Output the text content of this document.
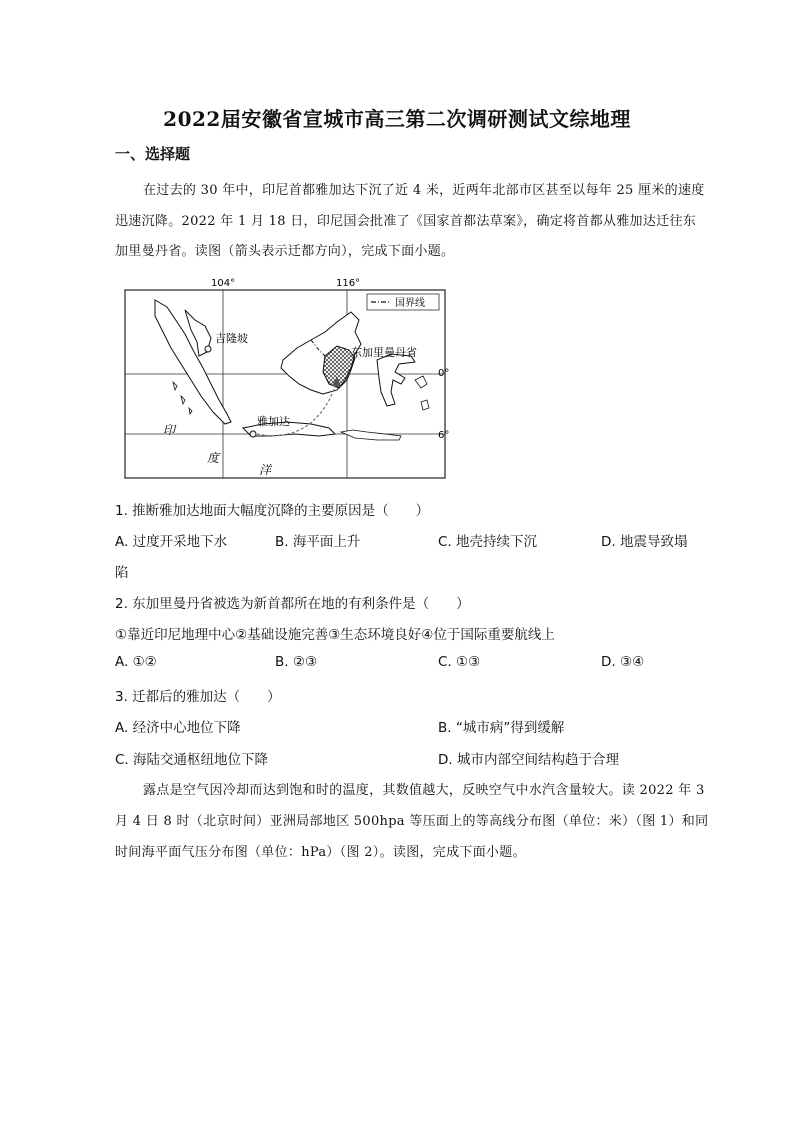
2022届安徽省宣城市高三第二次调研测试文综地理
一、选择题
在过去的 30 年中，印尼首都雅加达下沉了近 4 米，近两年北部市区甚至以每年 25 厘米的速度
迅速沉降。2022 年 1 月 18 日，印尼国会批准了《国家首都法草案》，确定将首都从雅加达迁往东
加里曼丹省。读图（箭头表示迁都方向），完成下面小题。
104°	116°
0°
6°
国界线
吉隆坡
雅加达
东加里曼丹省
印
度
洋
1. 推断雅加达地面大幅度沉降的主要原因是（　　）
A. 过度开采地下水	B. 海平面上升	C. 地壳持续下沉	D. 地震导致塌
陷
2. 东加里曼丹省被选为新首都所在地的有利条件是（　　）
①靠近印尼地理中心②基础设施完善③生态环境良好④位于国际重要航线上
A. ①②	B. ②③	C. ①③	D. ③④
3. 迁都后的雅加达（　　）
A. 经济中心地位下降	B. “城市病”得到缓解
C. 海陆交通枢纽地位下降	D. 城市内部空间结构趋于合理
露点是空气因冷却而达到饱和时的温度，其数值越大，反映空气中水汽含量较大。读 2022 年 3
月 4 日 8 时（北京时间）亚洲局部地区 500hpa 等压面上的等高线分布图（单位：米）（图 1）和同
时间海平面气压分布图（单位：hPa）（图 2）。读图，完成下面小题。
